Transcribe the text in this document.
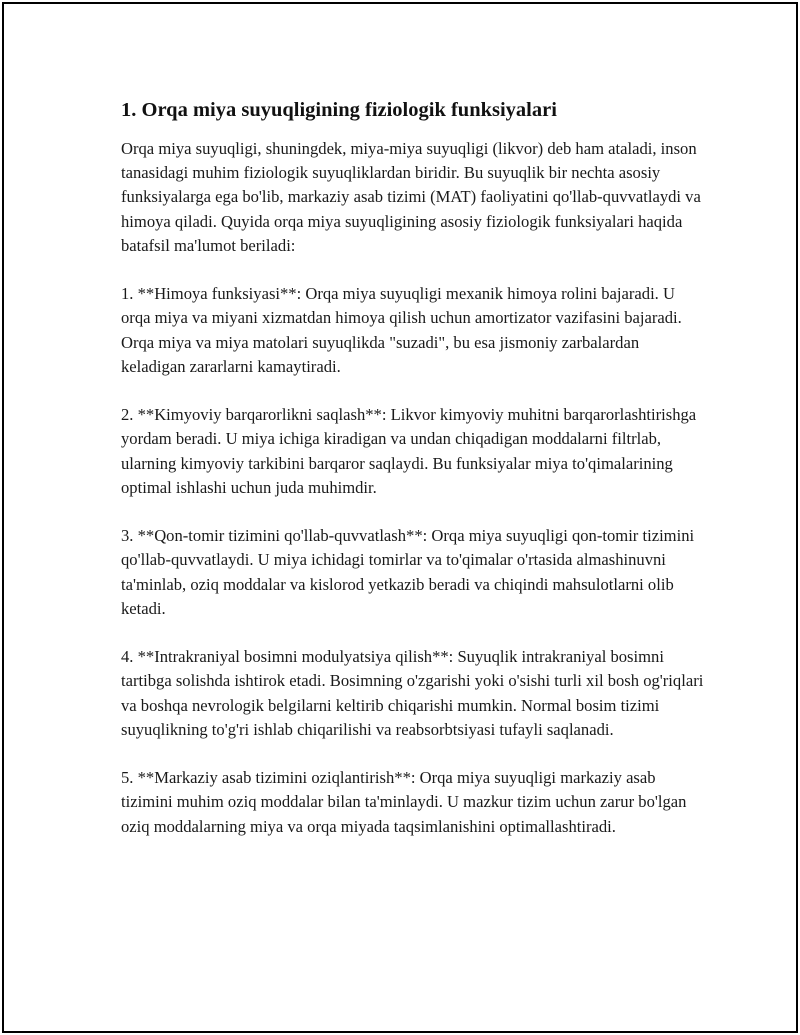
1. Orqa miya suyuqligining fiziologik funksiyalari

Orqa miya suyuqligi, shuningdek, miya-miya suyuqligi (likvor) deb ham ataladi, inson tanasidagi muhim fiziologik suyuqliklardan biridir. Bu suyuqlik bir nechta asosiy funksiyalarga ega bo'lib, markaziy asab tizimi (MAT) faoliyatini qo'llab-quvvatlaydi va himoya qiladi. Quyida orqa miya suyuqligining asosiy fiziologik funksiyalari haqida batafsil ma'lumot beriladi:

1. **Himoya funksiyasi**: Orqa miya suyuqligi mexanik himoya rolini bajaradi. U orqa miya va miyani xizmatdan himoya qilish uchun amortizator vazifasini bajaradi. Orqa miya va miya matolari suyuqlikda "suzadi", bu esa jismoniy zarbalardan keladigan zararlarni kamaytiradi.

2. **Kimyoviy barqarorlikni saqlash**: Likvor kimyoviy muhitni barqarorlashtirishga yordam beradi. U miya ichiga kiradigan va undan chiqadigan moddalarni filtrlab, ularning kimyoviy tarkibini barqaror saqlaydi. Bu funksiyalar miya to'qimalarining optimal ishlashi uchun juda muhimdir.

3. **Qon-tomir tizimini qo'llab-quvvatlash**: Orqa miya suyuqligi qon-tomir tizimini qo'llab-quvvatlaydi. U miya ichidagi tomirlar va to'qimalar o'rtasida almashinuvni ta'minlab, oziq moddalar va kislorod yetkazib beradi va chiqindi mahsulotlarni olib ketadi.

4. **Intrakraniyal bosimni modulyatsiya qilish**: Suyuqlik intrakraniyal bosimni tartibga solishda ishtirok etadi. Bosimning o'zgarishi yoki o'sishi turli xil bosh og'riqlari va boshqa nevrologik belgilarni keltirib chiqarishi mumkin. Normal bosim tizimi suyuqlikning to'g'ri ishlab chiqarilishi va reabsorbtsiyasi tufayli saqlanadi.

5. **Markaziy asab tizimini oziqlantirish**: Orqa miya suyuqligi markaziy asab tizimini muhim oziq moddalar bilan ta'minlaydi. U mazkur tizim uchun zarur bo'lgan oziq moddalarning miya va orqa miyada taqsimlanishini optimallashtiradi.
